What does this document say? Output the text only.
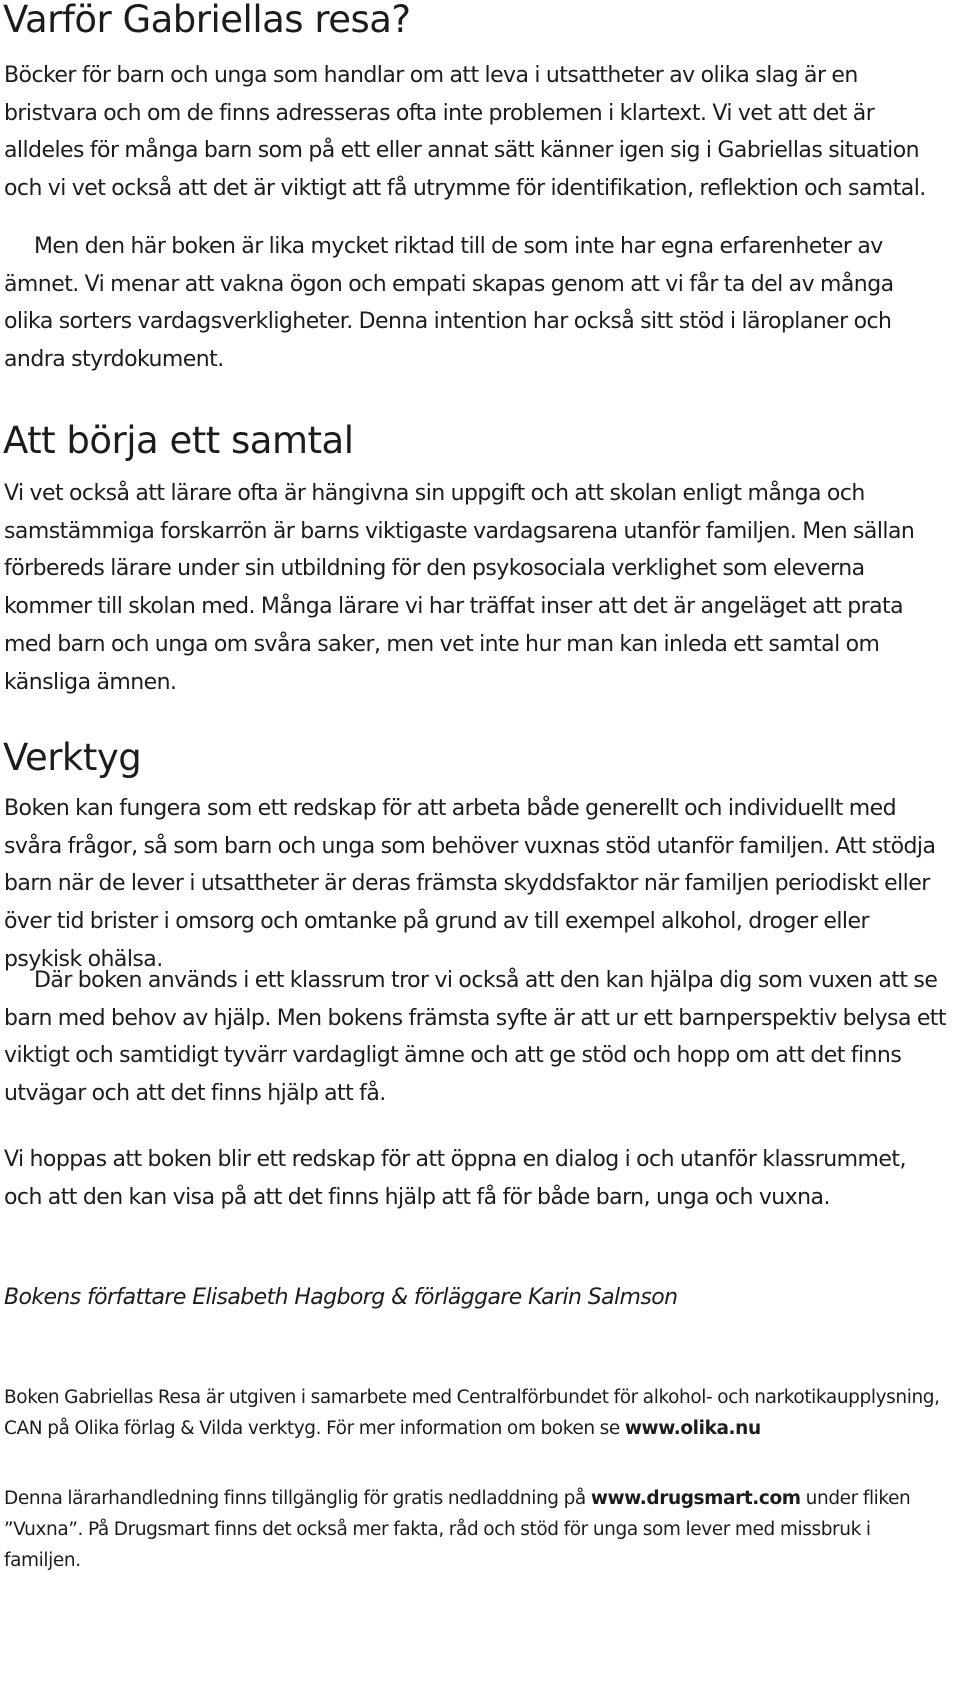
Varför Gabriellas resa?

Böcker för barn och unga som handlar om att leva i utsattheter av olika slag är en bristvara och om de finns adresseras ofta inte problemen i klartext. Vi vet att det är alldeles för många barn som på ett eller annat sätt känner igen sig i Gabriellas situation och vi vet också att det är viktigt att få utrymme för identifikation, reflektion och samtal.

Men den här boken är lika mycket riktad till de som inte har egna erfarenheter av ämnet. Vi menar att vakna ögon och empati skapas genom att vi får ta del av många olika sorters vardagsverkligheter. Denna intention har också sitt stöd i läroplaner och andra styrdokument.

Att börja ett samtal

Vi vet också att lärare ofta är hängivna sin uppgift och att skolan enligt många och samstämmiga forskarrön är barns viktigaste vardagsarena utanför familjen. Men sällan förbereds lärare under sin utbildning för den psykosociala verklighet som eleverna kommer till skolan med. Många lärare vi har träffat inser att det är angeläget att prata med barn och unga om svåra saker, men vet inte hur man kan inleda ett samtal om känsliga ämnen.

Verktyg

Boken kan fungera som ett redskap för att arbeta både generellt och individuellt med svåra frågor, så som barn och unga som behöver vuxnas stöd utanför familjen. Att stödja barn när de lever i utsattheter är deras främsta skyddsfaktor när familjen periodiskt eller över tid brister i omsorg och omtanke på grund av till exempel alkohol, droger eller psykisk ohälsa.

Där boken används i ett klassrum tror vi också att den kan hjälpa dig som vuxen att se barn med behov av hjälp. Men bokens främsta syfte är att ur ett barnperspektiv belysa ett viktigt och samtidigt tyvärr vardagligt ämne och att ge stöd och hopp om att det finns utvägar och att det finns hjälp att få.

Vi hoppas att boken blir ett redskap för att öppna en dialog i och utanför klassrummet, och att den kan visa på att det finns hjälp att få för både barn, unga och vuxna.

Bokens författare Elisabeth Hagborg & förläggare Karin Salmson

Boken Gabriellas Resa är utgiven i samarbete med Centralförbundet för alkohol- och narkotikaupplysning, CAN på Olika förlag & Vilda verktyg. För mer information om boken se www.olika.nu

Denna lärarhandledning finns tillgänglig för gratis nedladdning på www.drugsmart.com under fliken ”Vuxna”. På Drugsmart finns det också mer fakta, råd och stöd för unga som lever med missbruk i familjen.
